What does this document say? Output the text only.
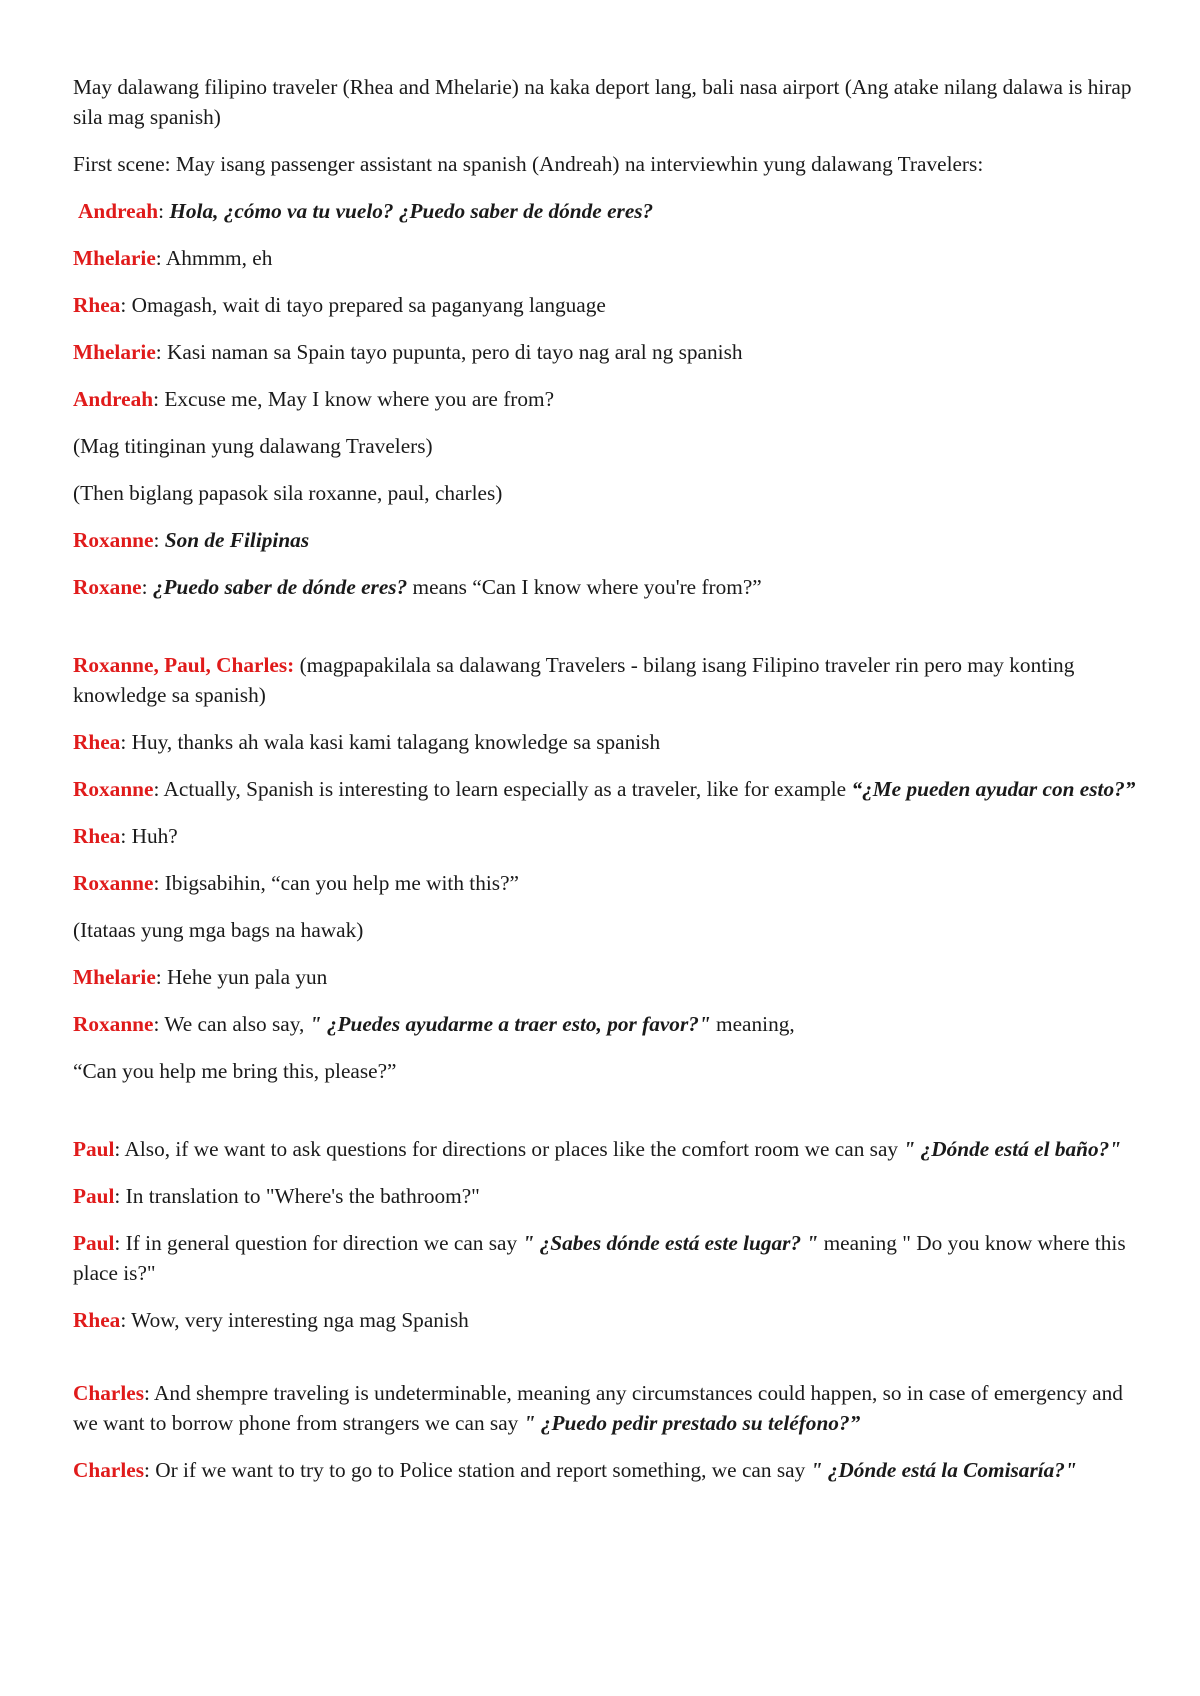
May dalawang filipino traveler (Rhea and Mhelarie) na kaka deport lang, bali nasa airport (Ang atake nilang dalawa is hirap sila mag spanish)

First scene: May isang passenger assistant na spanish (Andreah) na interviewhin yung dalawang Travelers:

Andreah: Hola, ¿cómo va tu vuelo? ¿Puedo saber de dónde eres?

Mhelarie: Ahmmm, eh

Rhea: Omagash, wait di tayo prepared sa paganyang language

Mhelarie: Kasi naman sa Spain tayo pupunta, pero di tayo nag aral ng spanish

Andreah: Excuse me, May I know where you are from?

(Mag titinginan yung dalawang Travelers)

(Then biglang papasok sila roxanne, paul, charles)

Roxanne: Son de Filipinas

Roxane: ¿Puedo saber de dónde eres? means “Can I know where you're from?”

Roxanne, Paul, Charles: (magpapakilala sa dalawang Travelers - bilang isang Filipino traveler rin pero may konting knowledge sa spanish)

Rhea: Huy, thanks ah wala kasi kami talagang knowledge sa spanish

Roxanne: Actually, Spanish is interesting to learn especially as a traveler, like for example “¿Me pueden ayudar con esto?”

Rhea: Huh?

Roxanne: Ibigsabihin, “can you help me with this?”

(Itataas yung mga bags na hawak)

Mhelarie: Hehe yun pala yun

Roxanne: We can also say, " ¿Puedes ayudarme a traer esto, por favor?" meaning,

“Can you help me bring this, please?”

Paul: Also, if we want to ask questions for directions or places like the comfort room we can say " ¿Dónde está el baño?"

Paul: In translation to "Where's the bathroom?"

Paul: If in general question for direction we can say " ¿Sabes dónde está este lugar? " meaning " Do you know where this place is?"

Rhea: Wow, very interesting nga mag Spanish

Charles: And shempre traveling is undeterminable, meaning any circumstances could happen, so in case of emergency and we want to borrow phone from strangers we can say " ¿Puedo pedir prestado su teléfono?”

Charles: Or if we want to try to go to Police station and report something, we can say " ¿Dónde está la Comisaría?"
